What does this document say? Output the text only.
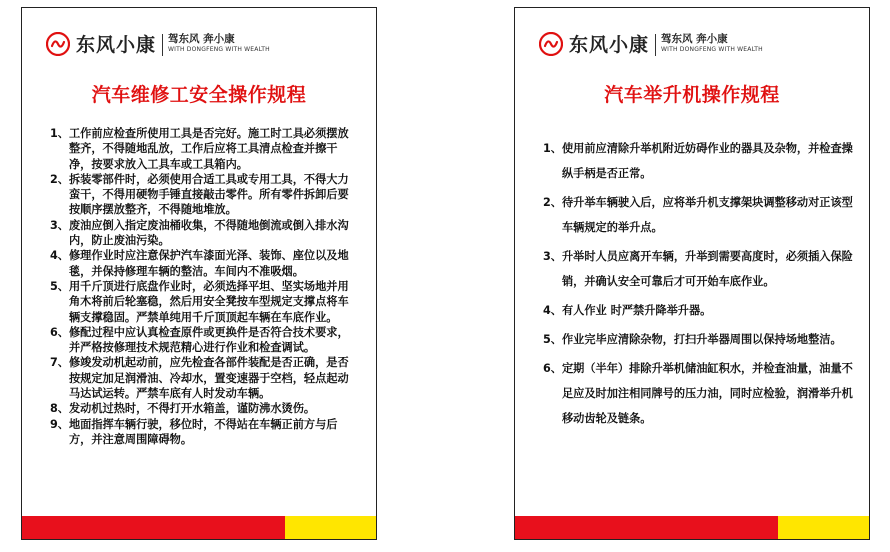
东风小康 驾东风 奔小康
WITH DONGFENG WITH WEALTH
汽车维修工安全操作规程
1、 工作前应检查所使用工具是否完好。施工时工具必须摆放整齐，不得随地乱放，工作后应将工具清点检查并擦干净，按要求放入工具车或工具箱内。
2、 拆装零部件时，必须使用合适工具或专用工具，不得大力蛮干，不得用硬物手锤直接敲击零件。所有零件拆卸后要按顺序摆放整齐，不得随地堆放。
3、 废油应倒入指定废油桶收集，不得随地倒流或倒入排水沟内，防止废油污染。
4、 修理作业时应注意保护汽车漆面光泽、装饰、座位以及地毯，并保持修理车辆的整洁。车间内不准吸烟。
5、 用千斤顶进行底盘作业时，必须选择平坦、坚实场地并用角木将前后轮塞稳，然后用安全凳按车型规定支撑点将车辆支撑稳固。严禁单纯用千斤顶顶起车辆在车底作业。
6、 修配过程中应认真检查原件或更换件是否符合技术要求，并严格按修理技术规范精心进行作业和检查调试。
7、 修竣发动机起动前，应先检查各部件装配是否正确，是否按规定加足润滑油、冷却水，置变速器于空档，轻点起动马达试运转。严禁车底有人时发动车辆。
8、 发动机过热时，不得打开水箱盖，谨防沸水烫伤。
9、 地面指挥车辆行驶，移位时，不得站在车辆正前方与后方，并注意周围障碍物。
东风小康 驾东风 奔小康
WITH DONGFENG WITH WEALTH
汽车举升机操作规程
1、 使用前应清除升举机附近妨碍作业的器具及杂物，并检查操纵手柄是否正常。
2、 待升举车辆驶入后，应将举升机支撑架块调整移动对正该型车辆规定的举升点。
3、 升举时人员应离开车辆，升举到需要高度时，必须插入保险销，并确认安全可靠后才可开始车底作业。
4、 有人作业 时严禁升降举升器。
5、 作业完毕应清除杂物，打扫升举器周围以保持场地整洁。
6、 定期（半年）排除升举机储油缸积水，并检查油量，油量不足应及时加注相同牌号的压力油，同时应检验，润滑举升机移动齿轮及链条。
